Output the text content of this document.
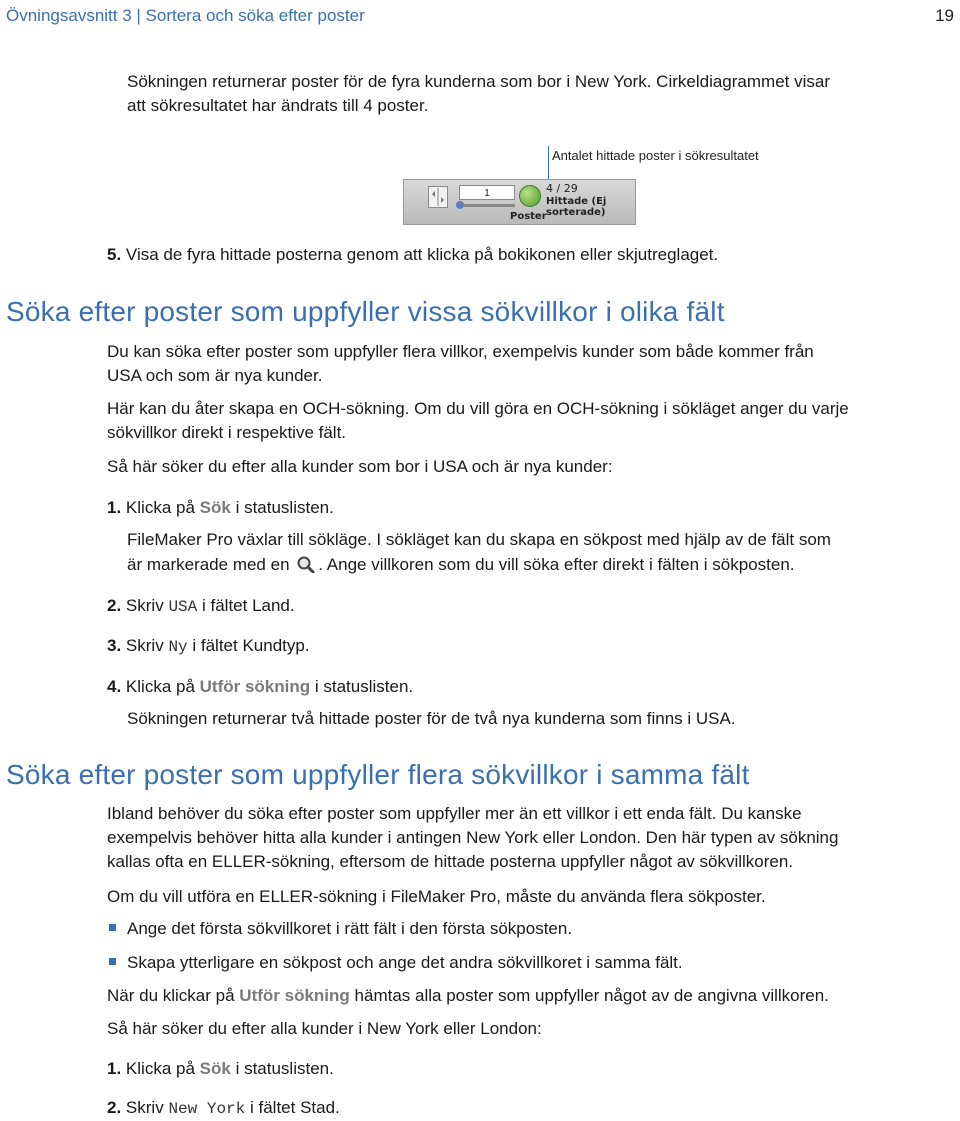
Övningsavsnitt 3 | Sortera och söka efter poster	19

Sökningen returnerar poster för de fyra kunderna som bor i New York. Cirkeldiagrammet visar

att sökresultatet har ändrats till 4 poster.

Antalet hittade poster i sökresultatet
1	4 / 29
Hittade (Ej sorterade)
Poster

5. Visa de fyra hittade posterna genom att klicka på bokikonen eller skjutreglaget.

Söka efter poster som uppfyller vissa sökvillkor i olika fält

Du kan söka efter poster som uppfyller flera villkor, exempelvis kunder som både kommer från

USA och som är nya kunder.

Här kan du åter skapa en OCH-sökning. Om du vill göra en OCH-sökning i sökläget anger du varje

sökvillkor direkt i respektive fält.

Så här söker du efter alla kunder som bor i USA och är nya kunder:

1. Klicka på Sök i statuslisten.

FileMaker Pro växlar till sökläge. I sökläget kan du skapa en sökpost med hjälp av de fält som

är markerade med en . Ange villkoren som du vill söka efter direkt i fälten i sökposten.

2. Skriv USA i fältet Land.

3. Skriv Ny i fältet Kundtyp.

4. Klicka på Utför sökning i statuslisten.

Sökningen returnerar två hittade poster för de två nya kunderna som finns i USA.

Söka efter poster som uppfyller flera sökvillkor i samma fält

Ibland behöver du söka efter poster som uppfyller mer än ett villkor i ett enda fält. Du kanske

exempelvis behöver hitta alla kunder i antingen New York eller London. Den här typen av sökning

kallas ofta en ELLER-sökning, eftersom de hittade posterna uppfyller något av sökvillkoren.

Om du vill utföra en ELLER-sökning i FileMaker Pro, måste du använda flera sökposter.

Ange det första sökvillkoret i rätt fält i den första sökposten.

Skapa ytterligare en sökpost och ange det andra sökvillkoret i samma fält.

När du klickar på Utför sökning hämtas alla poster som uppfyller något av de angivna villkoren.

Så här söker du efter alla kunder i New York eller London:

1. Klicka på Sök i statuslisten.

2. Skriv New York i fältet Stad.
